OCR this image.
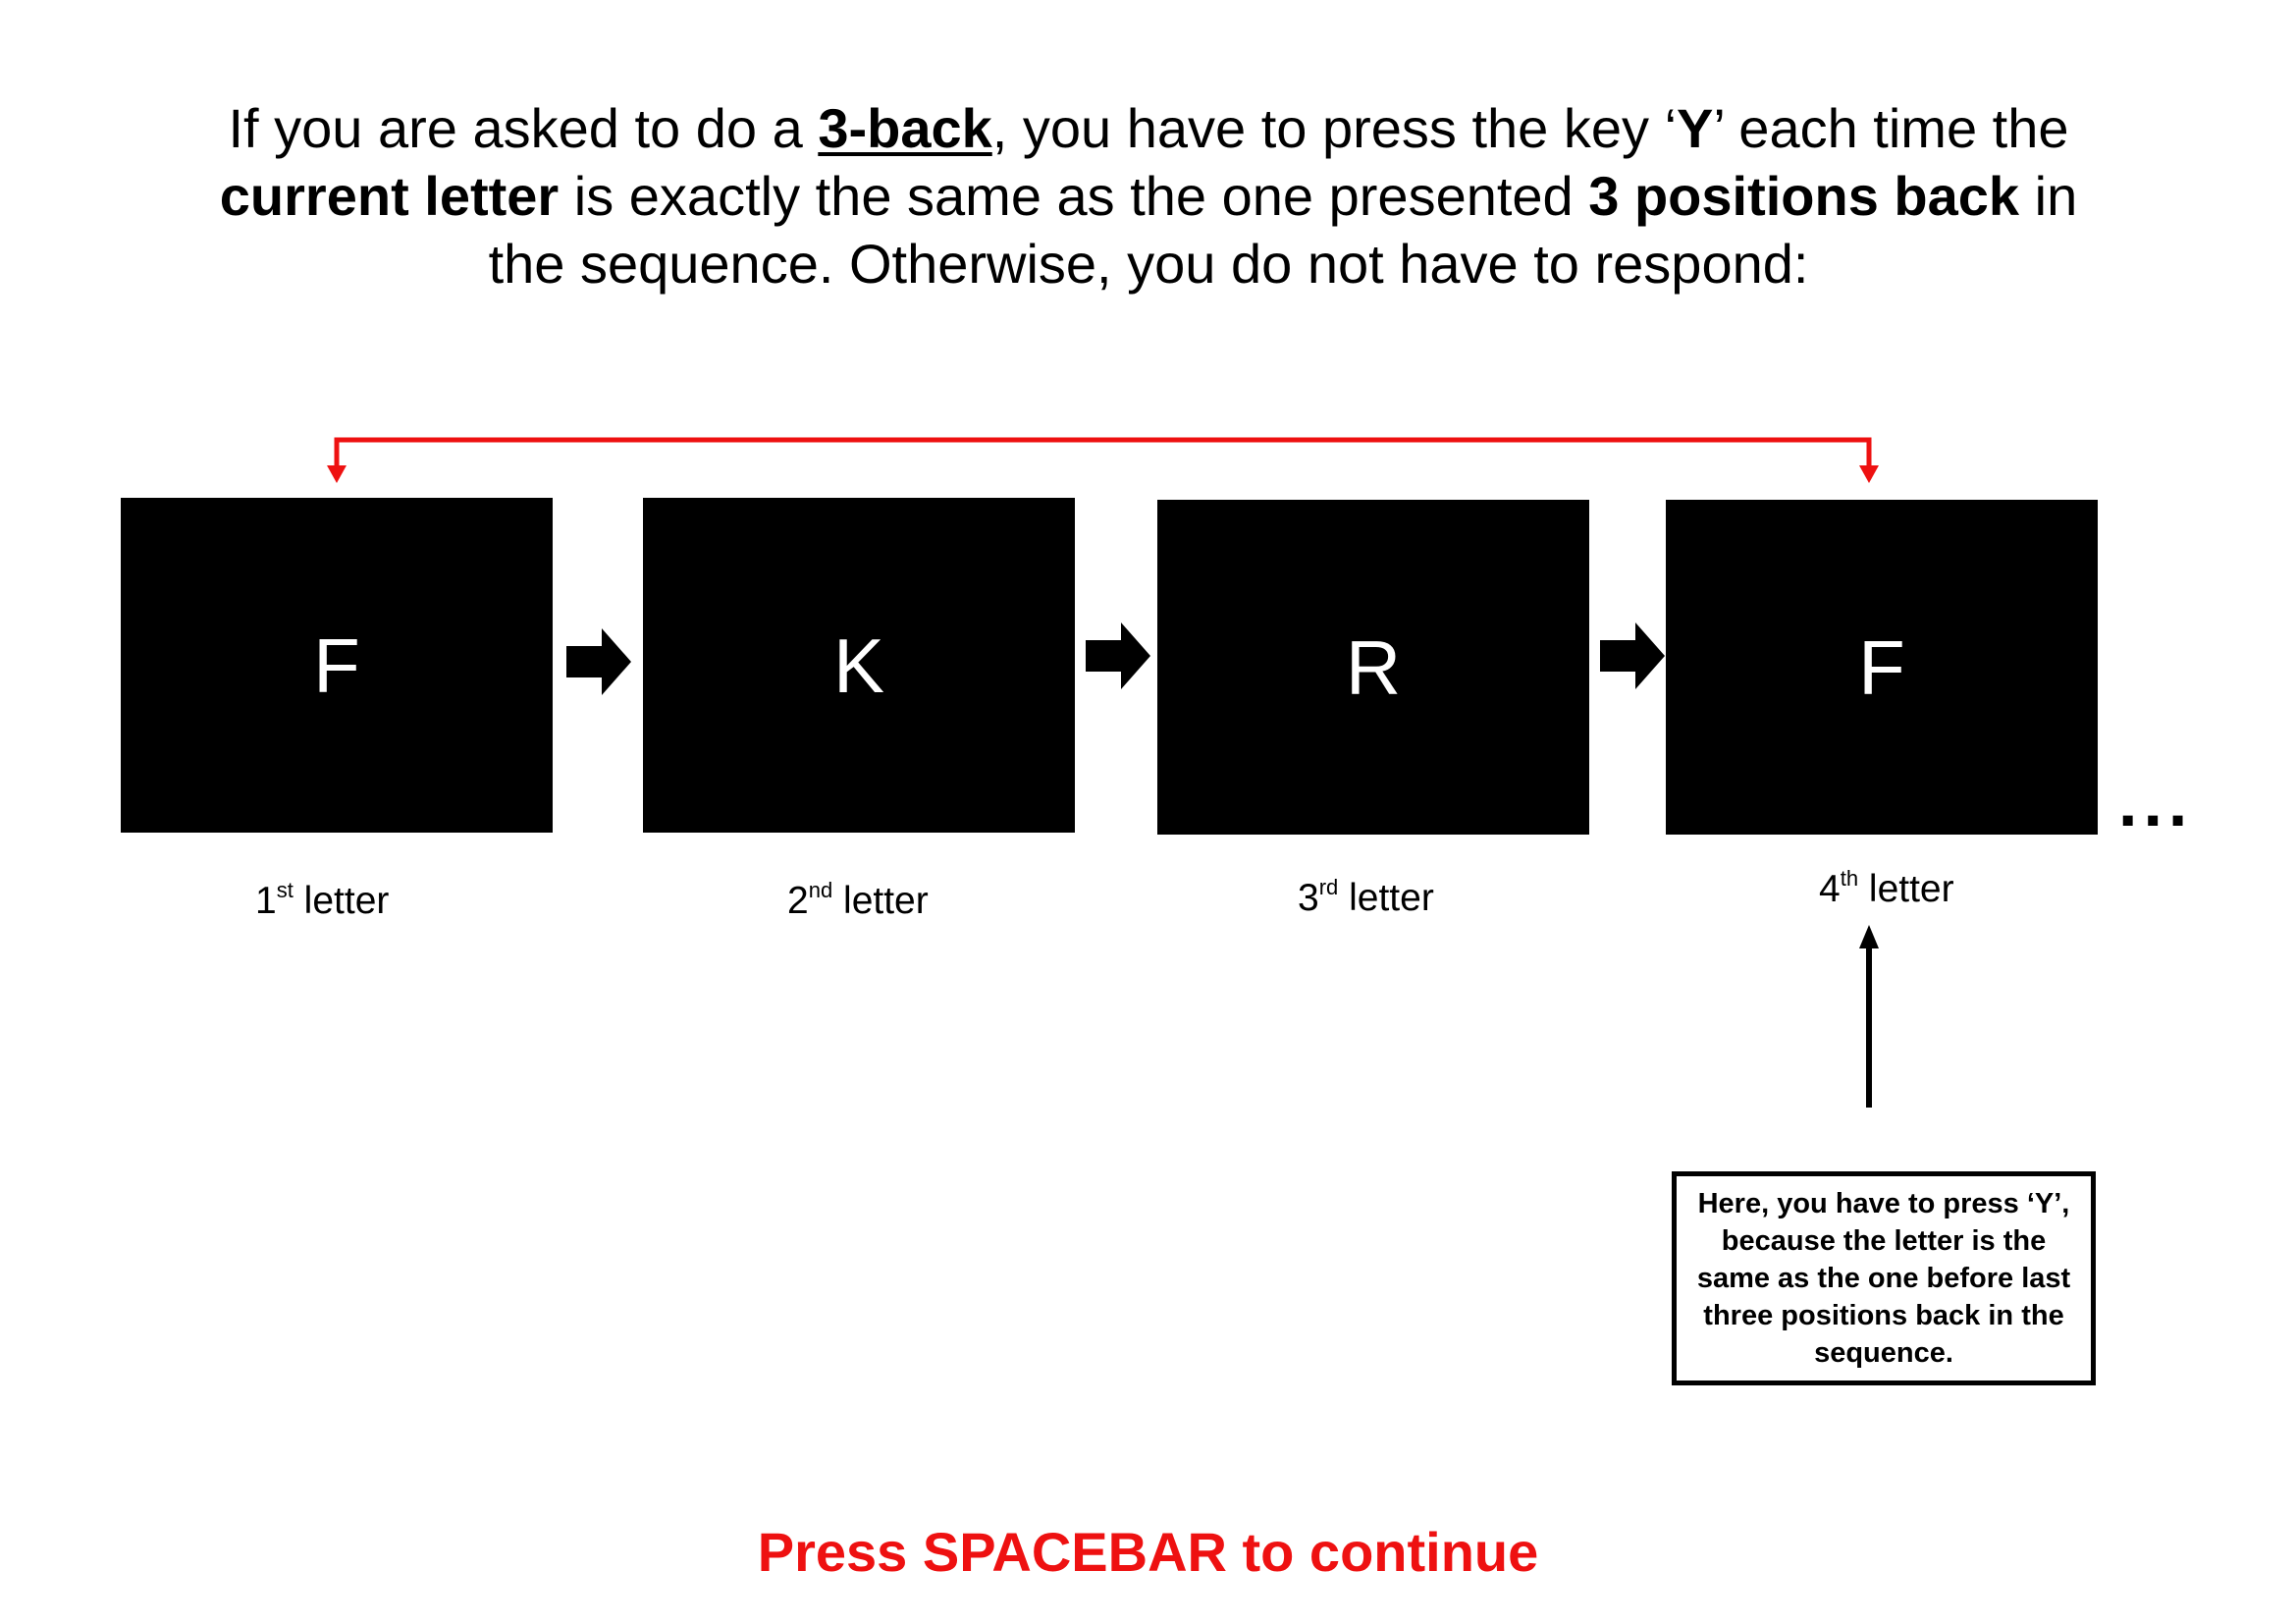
If you are asked to do a 3-back, you have to press the key ‘Y’ each time the
current letter is exactly the same as the one presented 3 positions back in
the sequence. Otherwise, you do not have to respond:
F	K	R	F
...
1st letter	2nd letter	3rd letter	4th letter
Here, you have to press ‘Y’, because the letter is the same as the one before last three positions back in the sequence.
Press SPACEBAR to continue
